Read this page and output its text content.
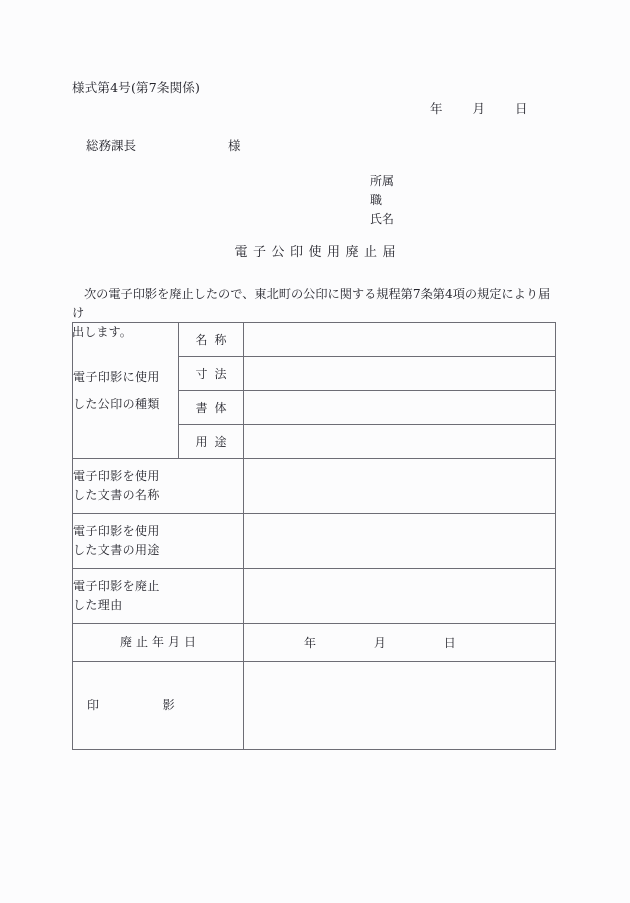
様式第4号(第7条関係)
年 月 日
総務課長	様
所属
職
氏名
電子公印使用廃止届
次の電子印影を廃止したので、東北町の公印に関する規程第7条第4項の規定により届け
出します。
電子印影に使用
した公印の種類	名称	
	寸法	
	書体	
	用途	

電子印影を使用
した文書の名称		

電子印影を使用
した文書の用途		

電子印影を廃止
した理由		

廃止年月日		年 月 日

印 影		
